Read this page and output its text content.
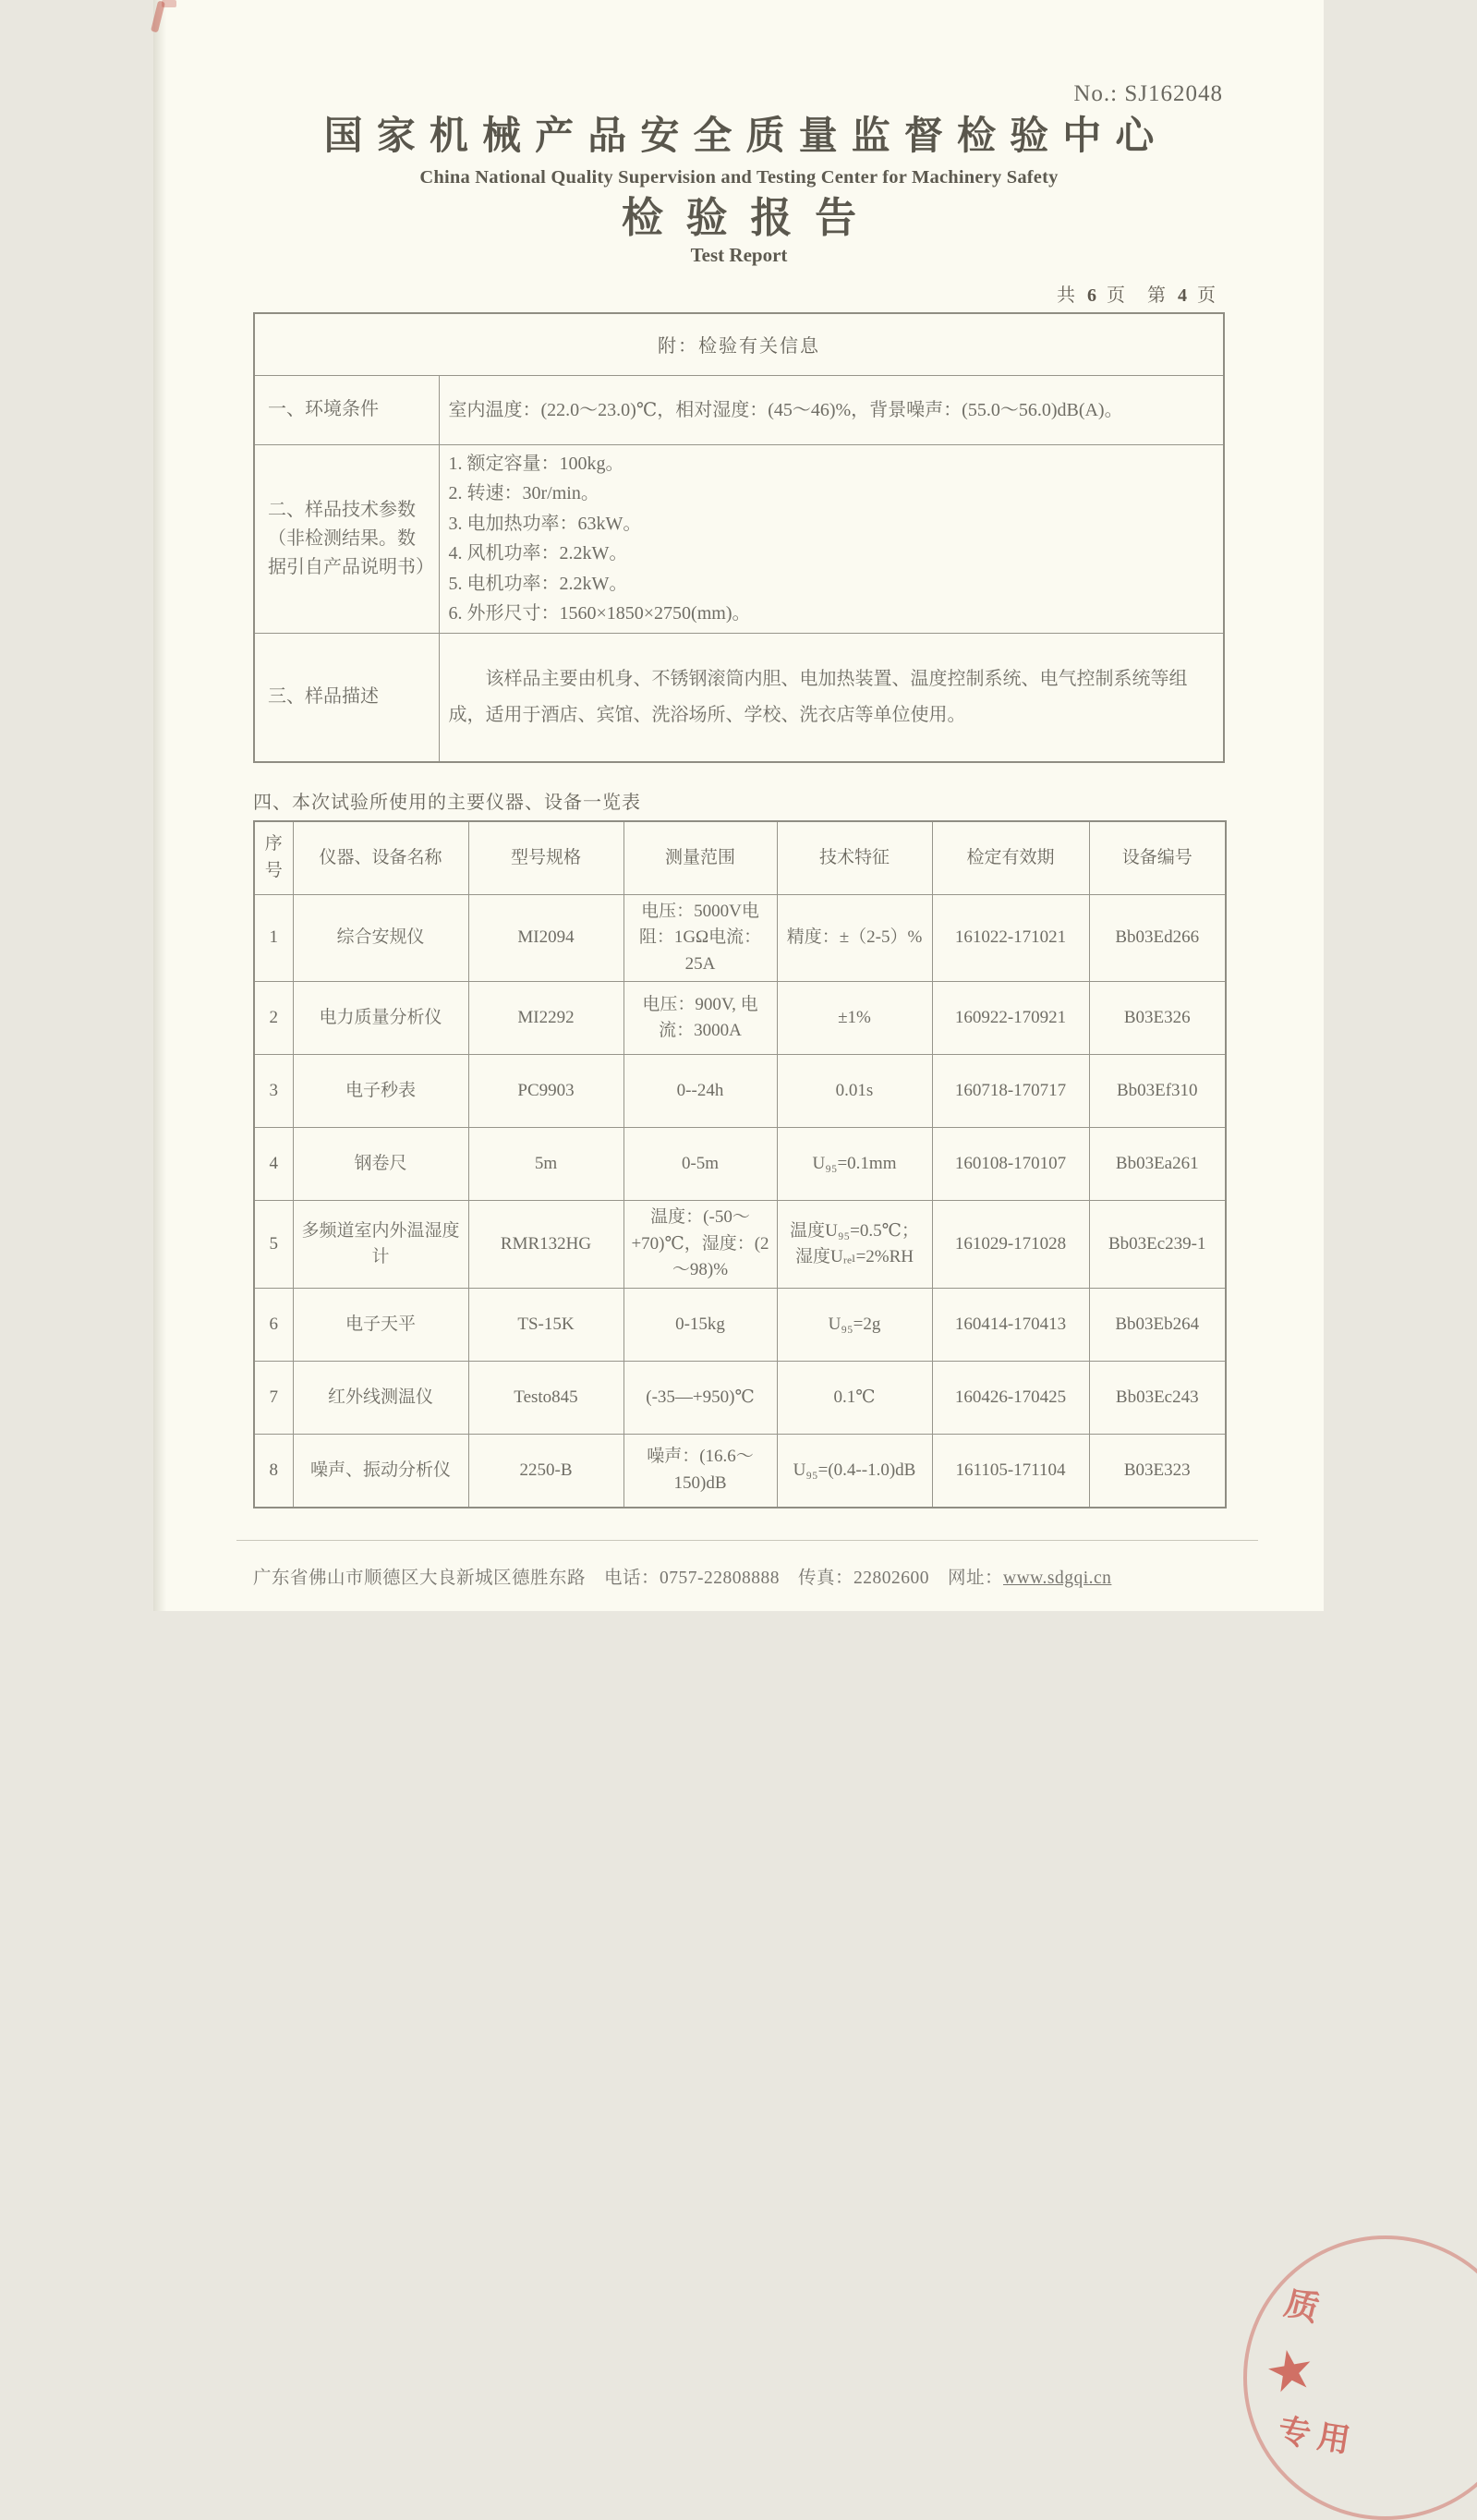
No.: SJ162048
国家机械产品安全质量监督检验中心
China National Quality Supervision and Testing Center for Machinery Safety
检验报告
Test Report
共 6 页　第 4 页
附：检验有关信息	
一、环境条件	室内温度：(22.0～23.0)℃，相对湿度：(45～46)%，背景噪声：(55.0～56.0)dB(A)。
二、样品技术参数（非检测结果。数据引自产品说明书）	
1. 额定容量：100kg。
2. 转速：30r/min。
3. 电加热功率：63kW。
4. 风机功率：2.2kW。
5. 电机功率：2.2kW。
6. 外形尺寸：1560×1850×2750(mm)。

三、样品描述	该样品主要由机身、不锈钢滚筒内胆、电加热装置、温度控制系统、电气控制系统等组成，适用于酒店、宾馆、洗浴场所、学校、洗衣店等单位使用。

四、本次试验所使用的主要仪器、设备一览表
序号	仪器、设备名称	型号规格	测量范围	技术特征	检定有效期	设备编号
1	综合安规仪	MI2094	电压：5000V电阻：1GΩ电流：25A	精度：±（2-5）%	161022-171021	Bb03Ed266
2	电力质量分析仪	MI2292	电压：900V, 电流：3000A	±1%	160922-170921	B03E326
3	电子秒表	PC9903	0--24h	0.01s	160718-170717	Bb03Ef310
4	钢卷尺	5m	0-5m	U₉₅=0.1mm	160108-170107	Bb03Ea261
5	多频道室内外温湿度计	RMR132HG	温度：(-50～+70)℃，湿度：(2～98)%	温度U₉₅=0.5℃；湿度Uᵣₑₗ=2%RH	161029-171028	Bb03Ec239-1
6	电子天平	TS-15K	0-15kg	U₉₅=2g	160414-170413	Bb03Eb264
7	红外线测温仪	Testo845	(-35—+950)℃	0.1℃	160426-170425	Bb03Ec243
8	噪声、振动分析仪	2250-B	噪声：(16.6～150)dB	U₉₅=(0.4--1.0)dB	161105-171104	B03E323
广东省佛山市顺德区大良新城区德胜东路　电话：0757-22808888　传真：22802600　网址：www.sdgqi.cn
质
★
专用
